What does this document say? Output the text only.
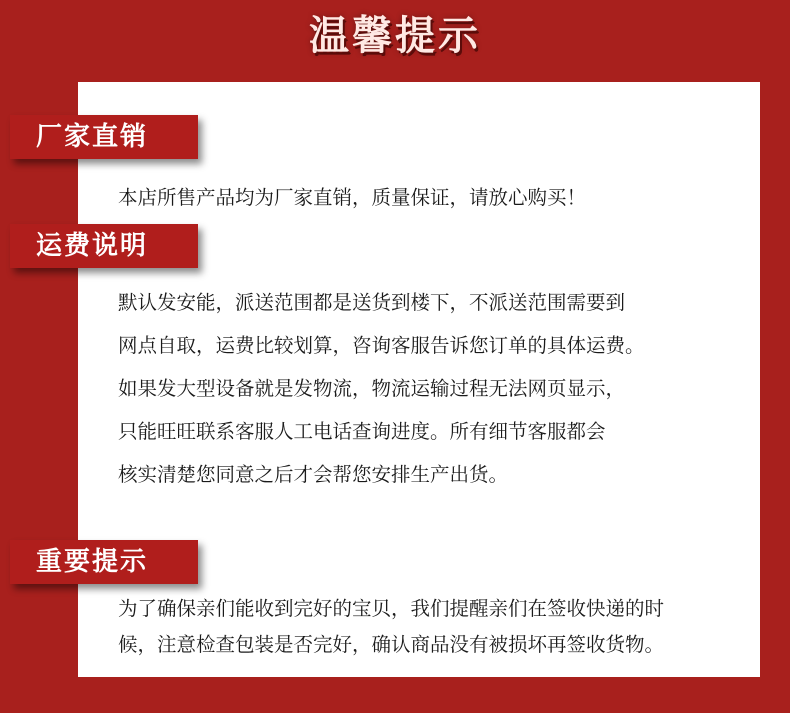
温馨提示
厂家直销
本店所售产品均为厂家直销，质量保证，请放心购买！
运费说明
默认发安能，派送范围都是送货到楼下，不派送范围需要到
网点自取，运费比较划算，咨询客服告诉您订单的具体运费。
如果发大型设备就是发物流，物流运输过程无法网页显示，
只能旺旺联系客服人工电话查询进度。所有细节客服都会
核实清楚您同意之后才会帮您安排生产出货。
重要提示
为了确保亲们能收到完好的宝贝，我们提醒亲们在签收快递的时
候，注意检查包装是否完好，确认商品没有被损坏再签收货物。
